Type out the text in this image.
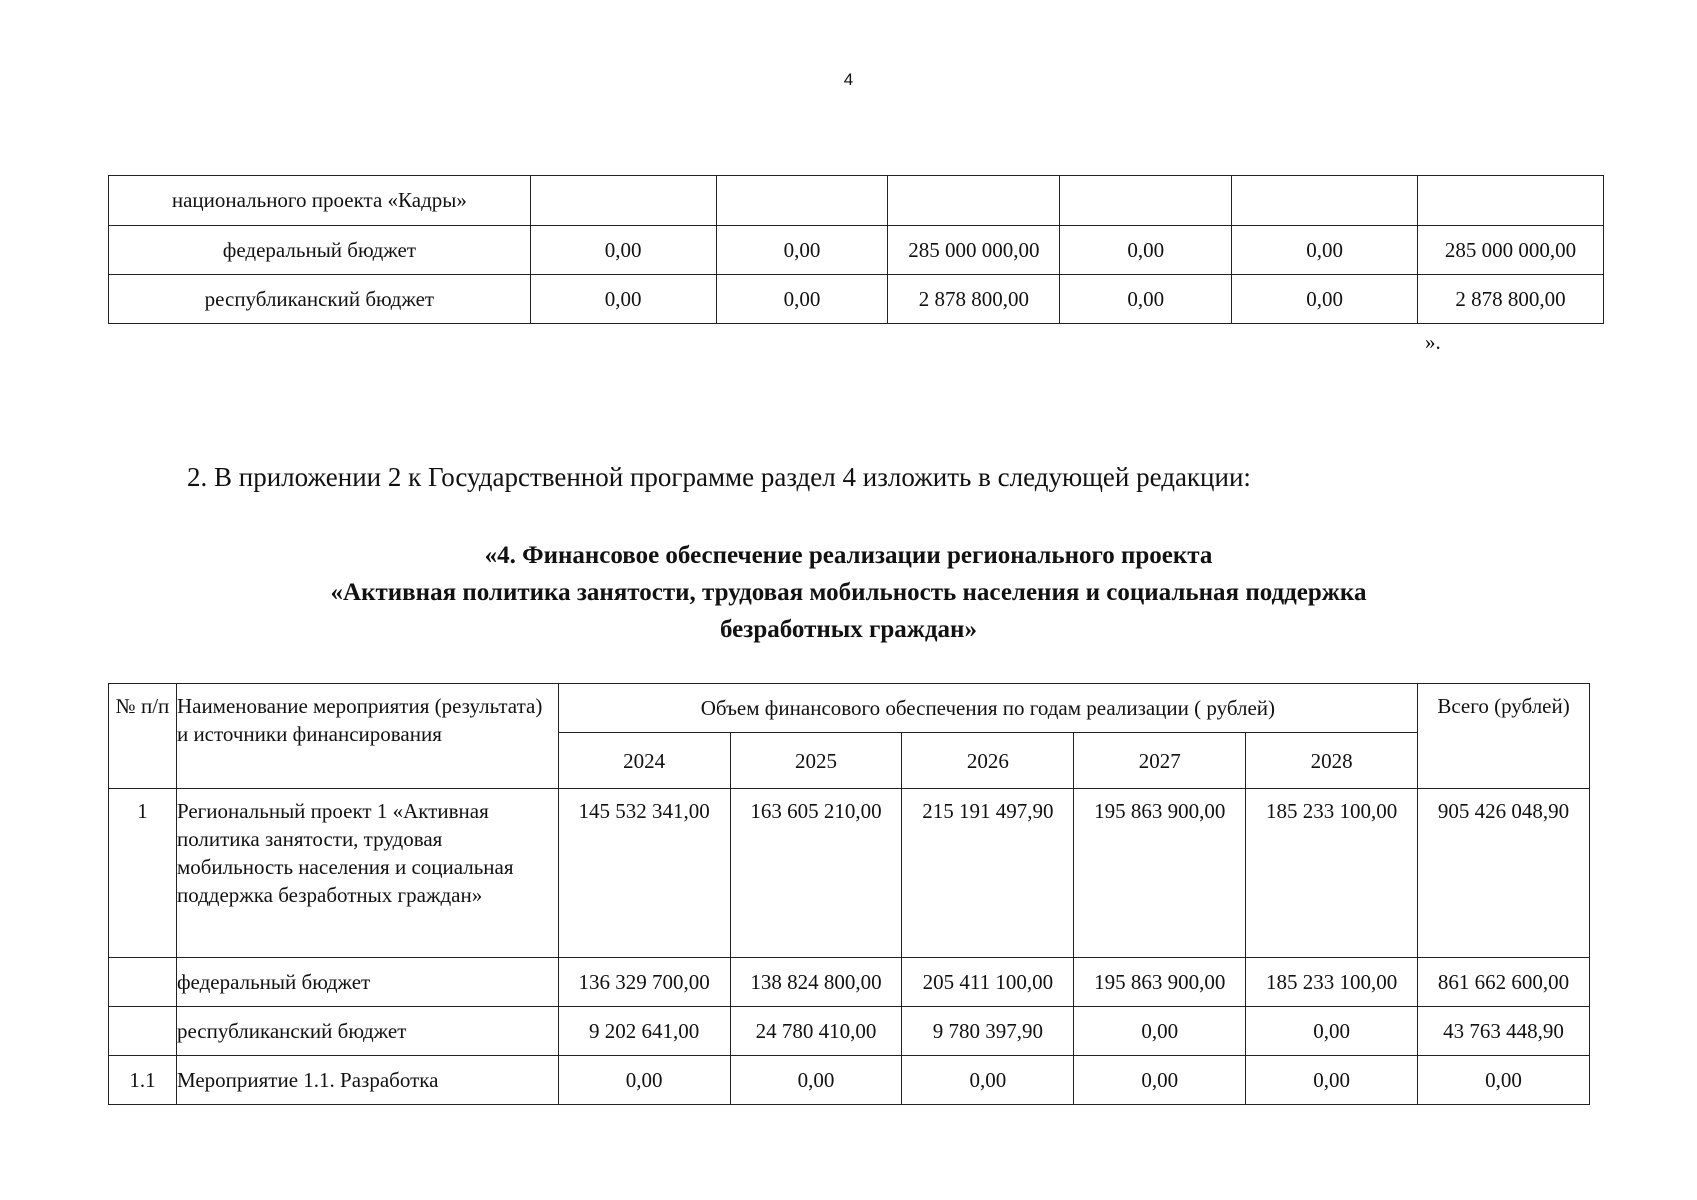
4
национального проекта «Кадры»						
федеральный бюджет	0,00	0,00	285 000 000,00	0,00	0,00	285 000 000,00
республиканский бюджет	0,00	0,00	2 878 800,00	0,00	0,00	2 878 800,00
».
2. В приложении 2 к Государственной программе раздел 4 изложить в следующей редакции:
«4. Финансовое обеспечение реализации регионального проекта
«Активная политика занятости, трудовая мобильность населения и социальная поддержка
безработных граждан»
№ п/п	Наименование мероприятия (результата) и источники финансирования	Объем финансового обеспечения по годам реализации ( рублей)					Всего (рублей)
		2024	2025	2026	2027	2028	
1	Региональный проект 1 «Активная политика занятости, трудовая мобильность населения и социальная поддержка безработных граждан»	145 532 341,00	163 605 210,00	215 191 497,90	195 863 900,00	185 233 100,00	905 426 048,90
	федеральный бюджет	136 329 700,00	138 824 800,00	205 411 100,00	195 863 900,00	185 233 100,00	861 662 600,00
	республиканский бюджет	9 202 641,00	24 780 410,00	9 780 397,90	0,00	0,00	43 763 448,90
1.1	Мероприятие 1.1. Разработка	0,00	0,00	0,00	0,00	0,00	0,00
